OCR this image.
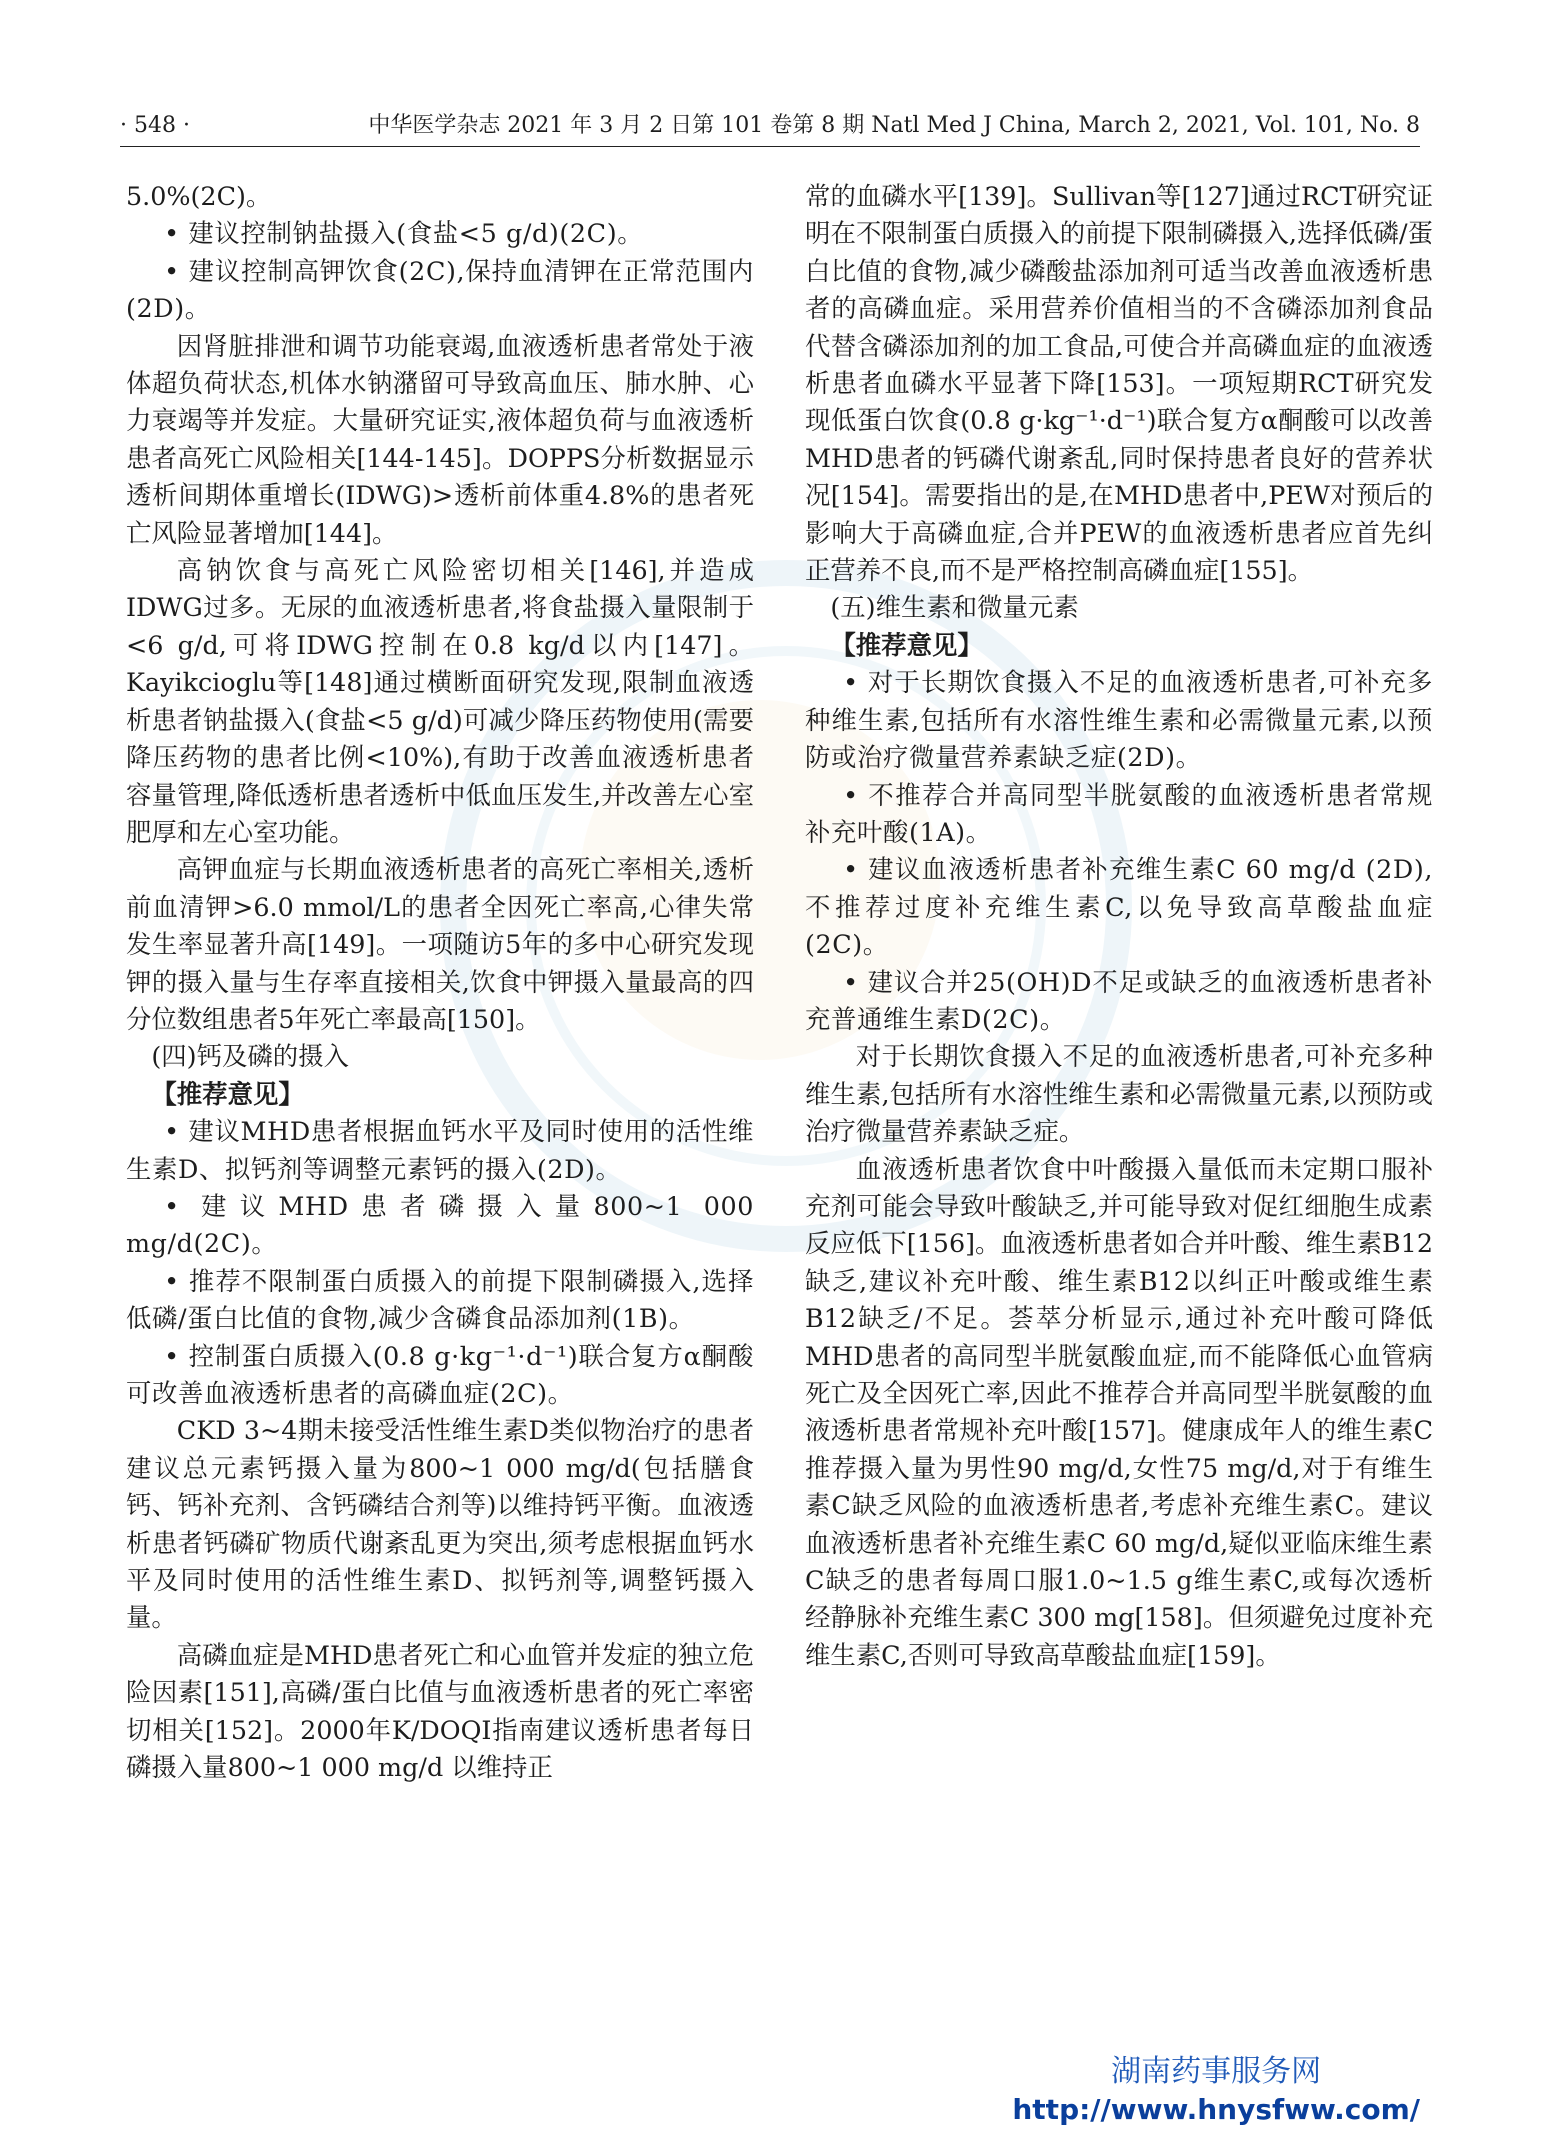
· 548 ·	中华医学杂志 2021 年 3 月 2 日第 101 卷第 8 期 Natl Med J China, March 2, 2021, Vol. 101, No. 8

5.0%(2C)。

• 建议控制钠盐摄入(食盐<5 g/d)(2C)。

• 建议控制高钾饮食(2C),保持血清钾在正常范围内(2D)。

因肾脏排泄和调节功能衰竭,血液透析患者常处于液体超负荷状态,机体水钠潴留可导致高血压、肺水肿、心力衰竭等并发症。大量研究证实,液体超负荷与血液透析患者高死亡风险相关[144-145]。DOPPS分析数据显示透析间期体重增长(IDWG)>透析前体重4.8%的患者死亡风险显著增加[144]。

高钠饮食与高死亡风险密切相关[146],并造成IDWG过多。无尿的血液透析患者,将食盐摄入量限制于<6 g/d,可将IDWG控制在0.8 kg/d以内[147]。Kayikcioglu等[148]通过横断面研究发现,限制血液透析患者钠盐摄入(食盐<5 g/d)可减少降压药物使用(需要降压药物的患者比例<10%),有助于改善血液透析患者容量管理,降低透析患者透析中低血压发生,并改善左心室肥厚和左心室功能。

高钾血症与长期血液透析患者的高死亡率相关,透析前血清钾>6.0 mmol/L的患者全因死亡率高,心律失常发生率显著升高[149]。一项随访5年的多中心研究发现钾的摄入量与生存率直接相关,饮食中钾摄入量最高的四分位数组患者5年死亡率最高[150]。

(四)钙及磷的摄入

【推荐意见】

• 建议MHD患者根据血钙水平及同时使用的活性维生素D、拟钙剂等调整元素钙的摄入(2D)。

• 建议MHD患者磷摄入量800~1 000 mg/d(2C)。

• 推荐不限制蛋白质摄入的前提下限制磷摄入,选择低磷/蛋白比值的食物,减少含磷食品添加剂(1B)。

• 控制蛋白质摄入(0.8 g·kg⁻¹·d⁻¹)联合复方α酮酸可改善血液透析患者的高磷血症(2C)。

CKD 3~4期未接受活性维生素D类似物治疗的患者建议总元素钙摄入量为800~1 000 mg/d(包括膳食钙、钙补充剂、含钙磷结合剂等)以维持钙平衡。血液透析患者钙磷矿物质代谢紊乱更为突出,须考虑根据血钙水平及同时使用的活性维生素D、拟钙剂等,调整钙摄入量。

高磷血症是MHD患者死亡和心血管并发症的独立危险因素[151],高磷/蛋白比值与血液透析患者的死亡率密切相关[152]。2000年K/DOQI指南建议透析患者每日磷摄入量800~1 000 mg/d 以维持正

常的血磷水平[139]。Sullivan等[127]通过RCT研究证明在不限制蛋白质摄入的前提下限制磷摄入,选择低磷/蛋白比值的食物,减少磷酸盐添加剂可适当改善血液透析患者的高磷血症。采用营养价值相当的不含磷添加剂食品代替含磷添加剂的加工食品,可使合并高磷血症的血液透析患者血磷水平显著下降[153]。一项短期RCT研究发现低蛋白饮食(0.8 g·kg⁻¹·d⁻¹)联合复方α酮酸可以改善MHD患者的钙磷代谢紊乱,同时保持患者良好的营养状况[154]。需要指出的是,在MHD患者中,PEW对预后的影响大于高磷血症,合并PEW的血液透析患者应首先纠正营养不良,而不是严格控制高磷血症[155]。

(五)维生素和微量元素

【推荐意见】

• 对于长期饮食摄入不足的血液透析患者,可补充多种维生素,包括所有水溶性维生素和必需微量元素,以预防或治疗微量营养素缺乏症(2D)。

• 不推荐合并高同型半胱氨酸的血液透析患者常规补充叶酸(1A)。

• 建议血液透析患者补充维生素C 60 mg/d (2D),不推荐过度补充维生素C,以免导致高草酸盐血症(2C)。

• 建议合并25(OH)D不足或缺乏的血液透析患者补充普通维生素D(2C)。

对于长期饮食摄入不足的血液透析患者,可补充多种维生素,包括所有水溶性维生素和必需微量元素,以预防或治疗微量营养素缺乏症。

血液透析患者饮食中叶酸摄入量低而未定期口服补充剂可能会导致叶酸缺乏,并可能导致对促红细胞生成素反应低下[156]。血液透析患者如合并叶酸、维生素B12缺乏,建议补充叶酸、维生素B12以纠正叶酸或维生素B12缺乏/不足。荟萃分析显示,通过补充叶酸可降低MHD患者的高同型半胱氨酸血症,而不能降低心血管病死亡及全因死亡率,因此不推荐合并高同型半胱氨酸的血液透析患者常规补充叶酸[157]。健康成年人的维生素C推荐摄入量为男性90 mg/d,女性75 mg/d,对于有维生素C缺乏风险的血液透析患者,考虑补充维生素C。建议血液透析患者补充维生素C 60 mg/d,疑似亚临床维生素C缺乏的患者每周口服1.0~1.5 g维生素C,或每次透析经静脉补充维生素C 300 mg[158]。但须避免过度补充维生素C,否则可导致高草酸盐血症[159]。

湖南药事服务网
http://www.hnysfww.com/
